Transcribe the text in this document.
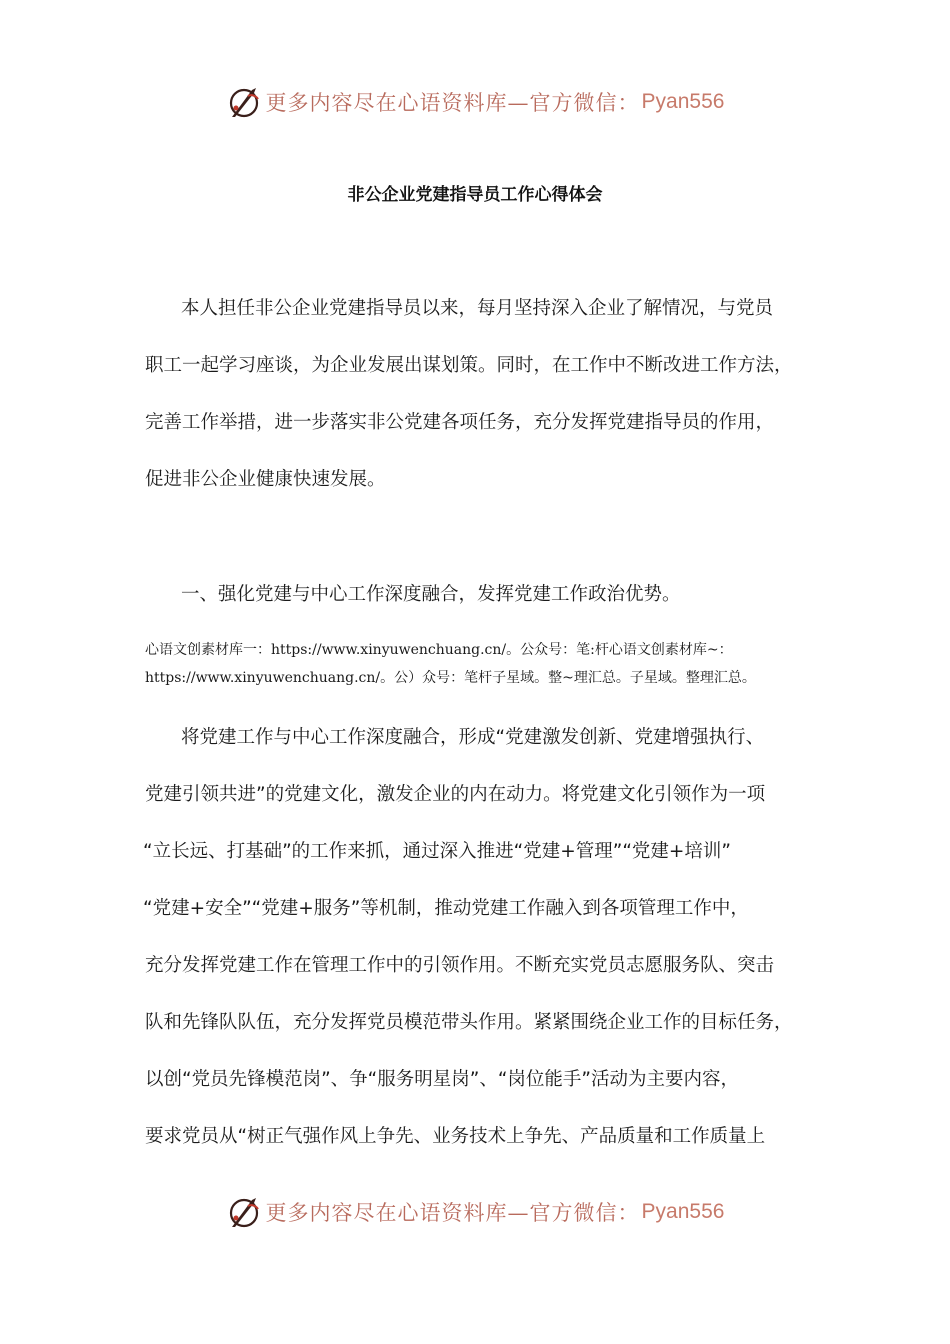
更多内容尽在心语资料库—官方微信： Pyan556
非公企业党建指导员工作心得体会
本人担任非公企业党建指导员以来，每月坚持深入企业了解情况，与党员
职工一起学习座谈，为企业发展出谋划策。同时，在工作中不断改进工作方法，
完善工作举措，进一步落实非公党建各项任务，充分发挥党建指导员的作用，
促进非公企业健康快速发展。
一、强化党建与中心工作深度融合，发挥党建工作政治优势。
心语文创素材库一：https://www.xinyuwenchuang.cn/。公众号：笔:杆心语文创素材库~：
https://www.xinyuwenchuang.cn/。公）众号：笔杆子星域。整~理汇总。子星域。整理汇总。
将党建工作与中心工作深度融合，形成“党建激发创新、党建增强执行、
党建引领共进”的党建文化，激发企业的内在动力。将党建文化引领作为一项
“立长远、打基础”的工作来抓，通过深入推进“党建+管理”“党建+培训”
“党建+安全”“党建+服务”等机制，推动党建工作融入到各项管理工作中，
充分发挥党建工作在管理工作中的引领作用。不断充实党员志愿服务队、突击
队和先锋队队伍，充分发挥党员模范带头作用。紧紧围绕企业工作的目标任务，
以创“党员先锋模范岗”、争“服务明星岗”、“岗位能手”活动为主要内容，
要求党员从“树正气强作风上争先、业务技术上争先、产品质量和工作质量上
更多内容尽在心语资料库—官方微信： Pyan556
